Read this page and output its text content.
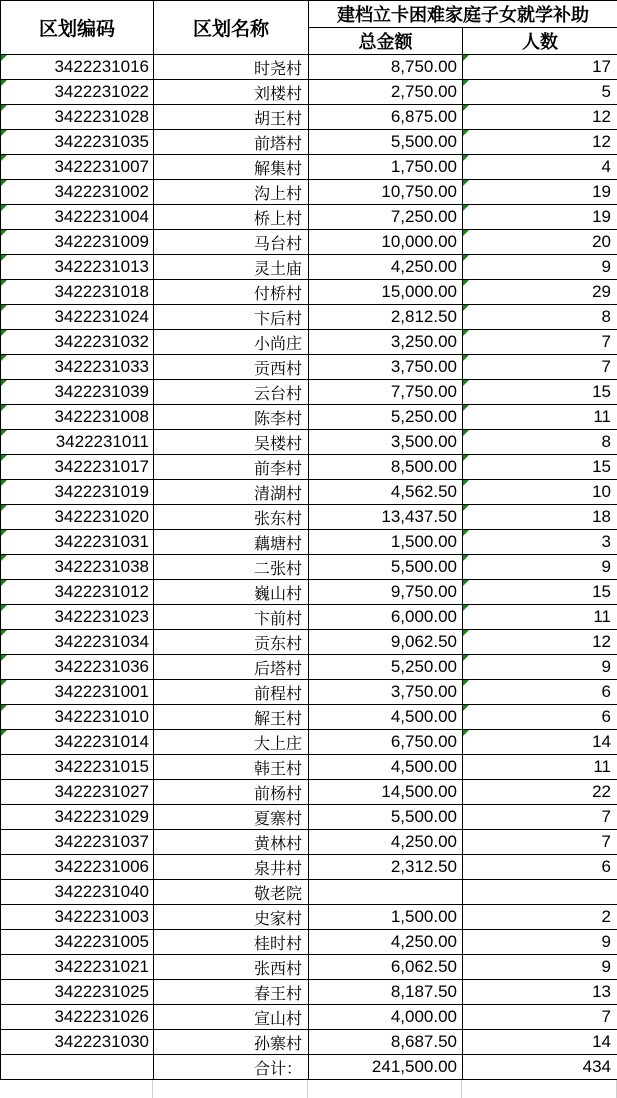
区划编码	区划名称	建档立卡困难家庭子女就学补助	
		总金额	人数
3422231016	时尧村	8,750.00	17

3422231022	刘楼村	2,750.00	5

3422231028	胡王村	6,875.00	12

3422231035	前塔村	5,500.00	12

3422231007	解集村	1,750.00	4

3422231002	沟上村	10,750.00	19

3422231004	桥上村	7,250.00	19

3422231009	马台村	10,000.00	20

3422231013	灵土庙	4,250.00	9

3422231018	付桥村	15,000.00	29

3422231024	卞后村	2,812.50	8

3422231032	小尚庄	3,250.00	7

3422231033	贡西村	3,750.00	7

3422231039	云台村	7,750.00	15

3422231008	陈李村	5,250.00	11

3422231011	吴楼村	3,500.00	8

3422231017	前李村	8,500.00	15

3422231019	清湖村	4,562.50	10

3422231020	张东村	13,437.50	18

3422231031	藕塘村	1,500.00	3

3422231038	二张村	5,500.00	9

3422231012	巍山村	9,750.00	15

3422231023	卞前村	6,000.00	11

3422231034	贡东村	9,062.50	12

3422231036	后塔村	5,250.00	9

3422231001	前程村	3,750.00	6

3422231010	解王村	4,500.00	6

3422231014	大上庄	6,750.00	14

3422231015	韩王村	4,500.00	11
3422231027	前杨村	14,500.00	22
3422231029	夏寨村	5,500.00	7
3422231037	黄林村	4,250.00	7
3422231006	泉井村	2,312.50	6
3422231040	敬老院		
3422231003	史家村	1,500.00	2
3422231005	桂时村	4,250.00	9
3422231021	张西村	6,062.50	9
3422231025	春王村	8,187.50	13
3422231026	宣山村	4,000.00	7
3422231030	孙寨村	8,687.50	14
	合计：	241,500.00	434
